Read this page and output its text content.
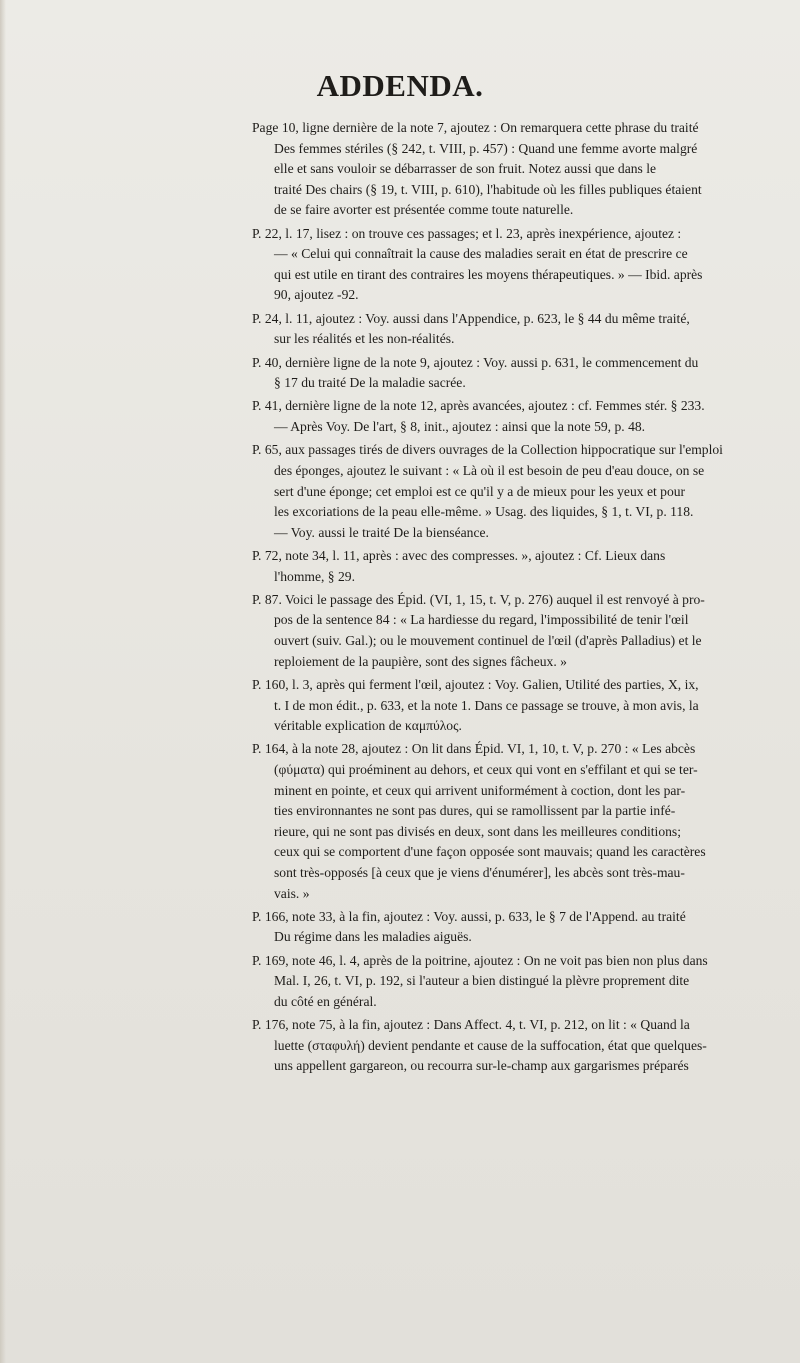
ADDENDA.
Page 10, ligne dernière de la note 7, ajoutez : On remarquera cette phrase du traité
Des femmes stériles (§ 242, t. VIII, p. 457) : Quand une femme avorte malgré
elle et sans vouloir se débarrasser de son fruit. Notez aussi que dans le
traité Des chairs (§ 19, t. VIII, p. 610), l'habitude où les filles publiques étaient
de se faire avorter est présentée comme toute naturelle.
P. 22, l. 17, lisez : on trouve ces passages; et l. 23, après inexpérience, ajoutez :
— « Celui qui connaîtrait la cause des maladies serait en état de prescrire ce
qui est utile en tirant des contraires les moyens thérapeutiques. » — Ibid. après
90, ajoutez -92.
P. 24, l. 11, ajoutez : Voy. aussi dans l'Appendice, p. 623, le § 44 du même traité,
sur les réalités et les non-réalités.
P. 40, dernière ligne de la note 9, ajoutez : Voy. aussi p. 631, le commencement du
§ 17 du traité De la maladie sacrée.
P. 41, dernière ligne de la note 12, après avancées, ajoutez : cf. Femmes stér. § 233.
— Après Voy. De l'art, § 8, init., ajoutez : ainsi que la note 59, p. 48.
P. 65, aux passages tirés de divers ouvrages de la Collection hippocratique sur l'emploi
des éponges, ajoutez le suivant : « Là où il est besoin de peu d'eau douce, on se
sert d'une éponge; cet emploi est ce qu'il y a de mieux pour les yeux et pour
les excoriations de la peau elle-même. » Usag. des liquides, § 1, t. VI, p. 118.
— Voy. aussi le traité De la bienséance.
P. 72, note 34, l. 11, après : avec des compresses. », ajoutez : Cf. Lieux dans
l'homme, § 29.
P. 87. Voici le passage des Épid. (VI, 1, 15, t. V, p. 276) auquel il est renvoyé à pro-
pos de la sentence 84 : « La hardiesse du regard, l'impossibilité de tenir l'œil
ouvert (suiv. Gal.); ou le mouvement continuel de l'œil (d'après Palladius) et le
reploiement de la paupière, sont des signes fâcheux. »
P. 160, l. 3, après qui ferment l'œil, ajoutez : Voy. Galien, Utilité des parties, X, ix,
t. I de mon édit., p. 633, et la note 1. Dans ce passage se trouve, à mon avis, la
véritable explication de καμπύλος.
P. 164, à la note 28, ajoutez : On lit dans Épid. VI, 1, 10, t. V, p. 270 : « Les abcès
(φύματα) qui proéminent au dehors, et ceux qui vont en s'effilant et qui se ter-
minent en pointe, et ceux qui arrivent uniformément à coction, dont les par-
ties environnantes ne sont pas dures, qui se ramollissent par la partie infé-
rieure, qui ne sont pas divisés en deux, sont dans les meilleures conditions;
ceux qui se comportent d'une façon opposée sont mauvais; quand les caractères
sont très-opposés [à ceux que je viens d'énumérer], les abcès sont très-mau-
vais. »
P. 166, note 33, à la fin, ajoutez : Voy. aussi, p. 633, le § 7 de l'Append. au traité
Du régime dans les maladies aiguës.
P. 169, note 46, l. 4, après de la poitrine, ajoutez : On ne voit pas bien non plus dans
Mal. I, 26, t. VI, p. 192, si l'auteur a bien distingué la plèvre proprement dite
du côté en général.
P. 176, note 75, à la fin, ajoutez : Dans Affect. 4, t. VI, p. 212, on lit : « Quand la
luette (σταφυλή) devient pendante et cause de la suffocation, état que quelques-
uns appellent gargareon, ou recourra sur-le-champ aux gargarismes préparés
